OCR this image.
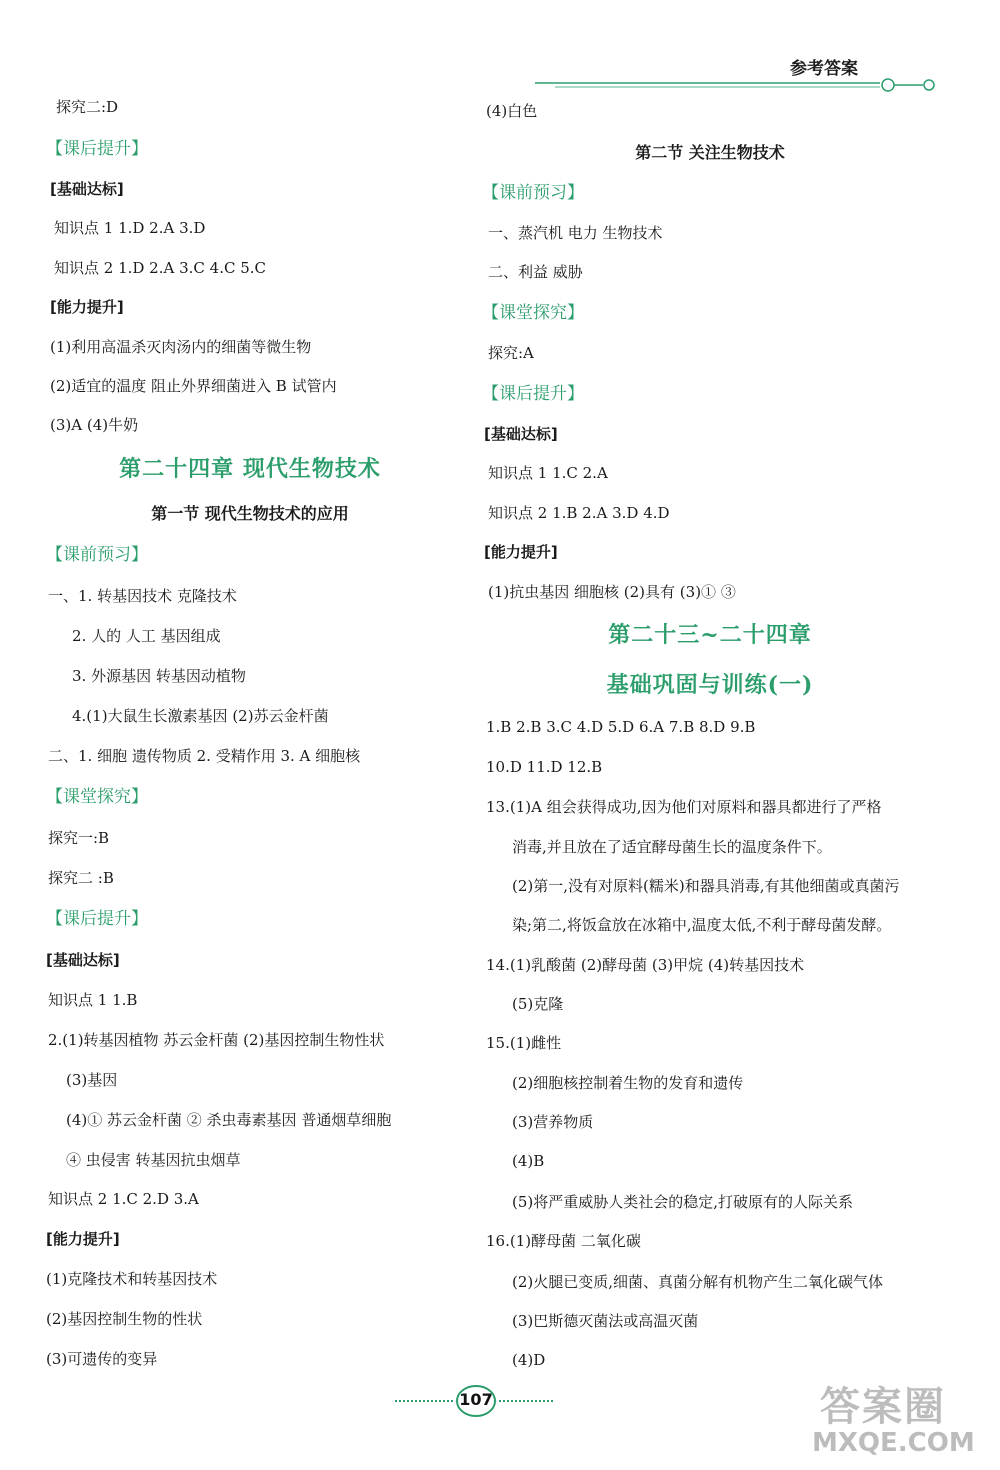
参考答案
探究二:D
【课后提升】
[基础达标]
知识点 1 1.D 2.A 3.D
知识点 2 1.D 2.A 3.C 4.C 5.C
[能力提升]
(1)利用高温杀灭肉汤内的细菌等微生物
(2)适宜的温度 阻止外界细菌进入 B 试管内
(3)A (4)牛奶
第二十四章 现代生物技术
第一节 现代生物技术的应用
【课前预习】
一、1. 转基因技术 克隆技术
2. 人的 人工 基因组成
3. 外源基因 转基因动植物
4.(1)大鼠生长激素基因 (2)苏云金杆菌
二、1. 细胞 遗传物质 2. 受精作用 3. A 细胞核
【课堂探究】
探究一:B
探究二 :B
【课后提升】
[基础达标]
知识点 1 1.B
2.(1)转基因植物 苏云金杆菌 (2)基因控制生物性状
(3)基因
(4)① 苏云金杆菌 ② 杀虫毒素基因 普通烟草细胞
④ 虫侵害 转基因抗虫烟草
知识点 2 1.C 2.D 3.A
[能力提升]
(1)克隆技术和转基因技术
(2)基因控制生物的性状
(3)可遗传的变异
(4)白色
第二节 关注生物技术
【课前预习】
一、蒸汽机 电力 生物技术
二、利益 威胁
【课堂探究】
探究:A
【课后提升】
[基础达标]
知识点 1 1.C 2.A
知识点 2 1.B 2.A 3.D 4.D
[能力提升]
(1)抗虫基因 细胞核 (2)具有 (3)① ③
第二十三~二十四章
基础巩固与训练(一)
1.B 2.B 3.C 4.D 5.D 6.A 7.B 8.D 9.B
10.D 11.D 12.B
13.(1)A 组会获得成功,因为他们对原料和器具都进行了严格
消毒,并且放在了适宜酵母菌生长的温度条件下。
(2)第一,没有对原料(糯米)和器具消毒,有其他细菌或真菌污
染;第二,将饭盒放在冰箱中,温度太低,不利于酵母菌发酵。
14.(1)乳酸菌 (2)酵母菌 (3)甲烷 (4)转基因技术
(5)克隆
15.(1)雌性
(2)细胞核控制着生物的发育和遗传
(3)营养物质
(4)B
(5)将严重威胁人类社会的稳定,打破原有的人际关系
16.(1)酵母菌 二氧化碳
(2)火腿已变质,细菌、真菌分解有机物产生二氧化碳气体
(3)巴斯德灭菌法或高温灭菌
(4)D
107	答案圈
MXQE.COM
